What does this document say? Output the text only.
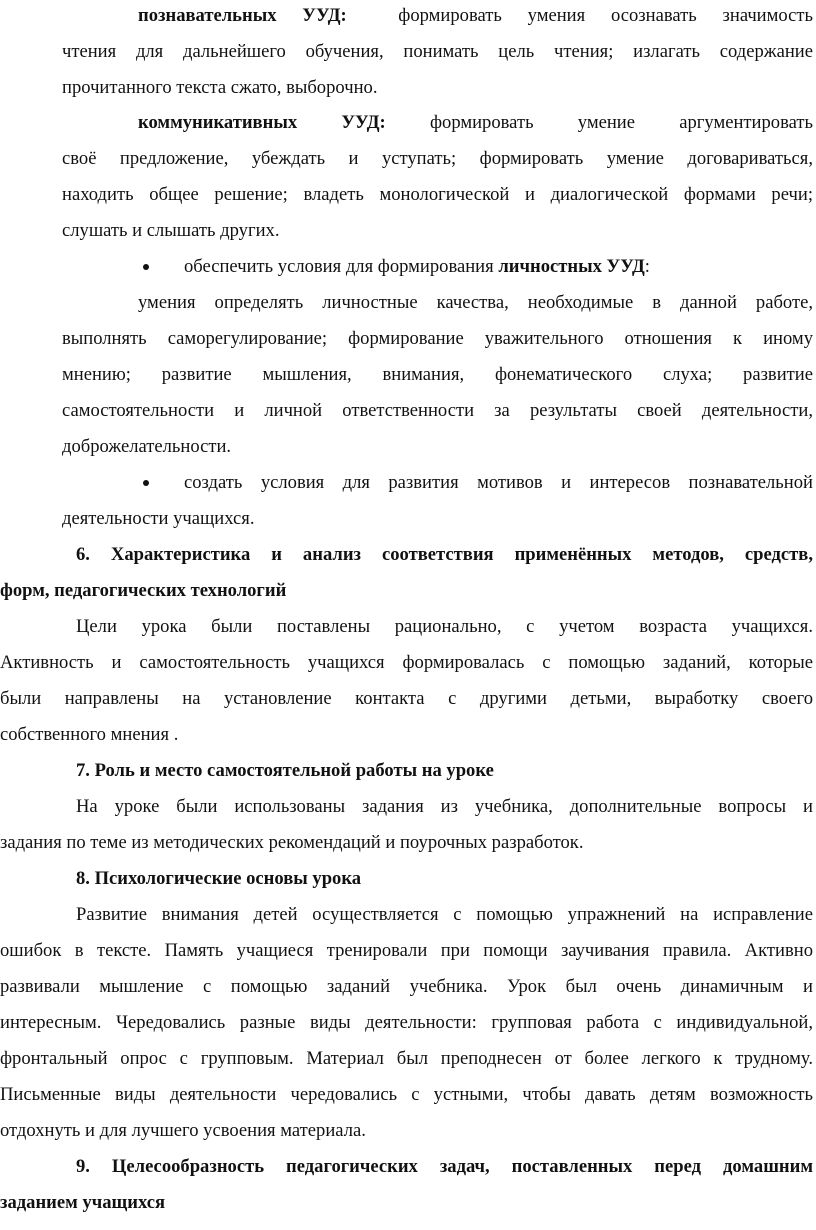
познавательных УУД:	формировать умения осознавать значимость
чтения для дальнейшего обучения, понимать цель чтения; излагать содержание
прочитанного текста сжато, выборочно.
коммуникативных УУД: формировать умение аргументировать
своё предложение, убеждать и уступать; формировать умение договариваться,
находить общее решение; владеть монологической и диалогической формами речи;
слушать и слышать других.
обеспечить условия для формирования личностных УУД:
умения определять личностные качества, необходимые в данной работе,
выполнять саморегулирование; формирование уважительного отношения к иному
мнению; развитие мышления, внимания, фонематического слуха; развитие
самостоятельности и личной ответственности за результаты своей деятельности,
доброжелательности.
создать условия для развития мотивов и интересов познавательной
деятельности учащихся.
6. Характеристика и анализ соответствия применённых методов, средств,
форм, педагогических технологий
Цели урока были поставлены рационально, с учетом возраста учащихся.
Активность и самостоятельность учащихся формировалась с помощью заданий, которые
были направлены на установление контакта с другими детьми, выработку своего
собственного мнения .
7. Роль и место самостоятельной работы на уроке
На уроке были использованы задания из учебника, дополнительные вопросы и
задания по теме из методических рекомендаций и поурочных разработок.
8. Психологические основы урока
Развитие внимания детей осуществляется с помощью упражнений на исправление
ошибок в тексте. Память учащиеся тренировали при помощи заучивания правила. Активно
развивали мышление с помощью заданий учебника. Урок был очень динамичным и
интересным. Чередовались разные виды деятельности: групповая работа с индивидуальной,
фронтальный опрос с групповым. Материал был преподнесен от более легкого к трудному.
Письменные виды деятельности чередовались с устными, чтобы давать детям возможность
отдохнуть и для лучшего усвоения материала.
9. Целесообразность педагогических задач, поставленных перед домашним
заданием учащихся
